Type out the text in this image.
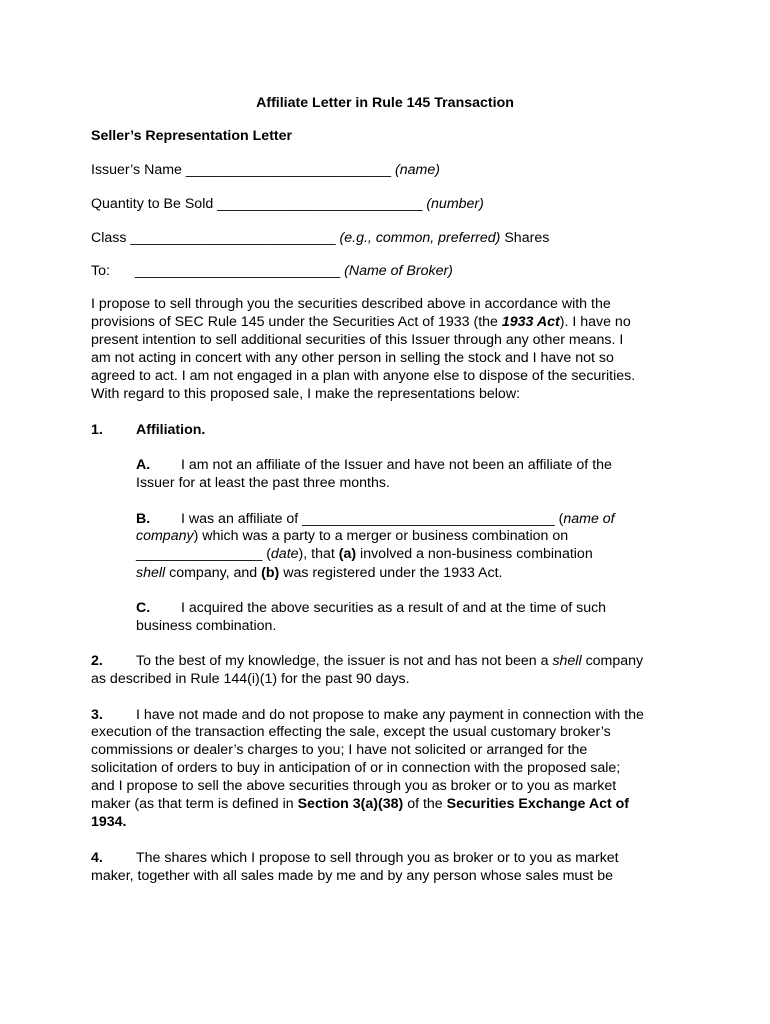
Affiliate Letter in Rule 145 Transaction
Seller’s Representation Letter
Issuer’s Name __________________________ (name)
Quantity to Be Sold __________________________ (number)
Class __________________________ (e.g., common, preferred) Shares
To: __________________________ (Name of Broker)
I propose to sell through you the securities described above in accordance with the
provisions of SEC Rule 145 under the Securities Act of 1933 (the 1933 Act). I have no
present intention to sell additional securities of this Issuer through any other means. I
am not acting in concert with any other person in selling the stock and I have not so
agreed to act. I am not engaged in a plan with anyone else to dispose of the securities.
With regard to this proposed sale, I make the representations below:
1. Affiliation.
A. I am not an affiliate of the Issuer and have not been an affiliate of the
Issuer for at least the past three months.
B. I was an affiliate of ________________________________ (name of
company) which was a party to a merger or business combination on
________________ (date), that (a) involved a non-business combination
shell company, and (b) was registered under the 1933 Act.
C. I acquired the above securities as a result of and at the time of such
business combination.
2. To the best of my knowledge, the issuer is not and has not been a shell company
as described in Rule 144(i)(1) for the past 90 days.
3. I have not made and do not propose to make any payment in connection with the
execution of the transaction effecting the sale, except the usual customary broker’s
commissions or dealer’s charges to you; I have not solicited or arranged for the
solicitation of orders to buy in anticipation of or in connection with the proposed sale;
and I propose to sell the above securities through you as broker or to you as market
maker (as that term is defined in Section 3(a)(38) of the Securities Exchange Act of
1934.
4. The shares which I propose to sell through you as broker or to you as market
maker, together with all sales made by me and by any person whose sales must be
